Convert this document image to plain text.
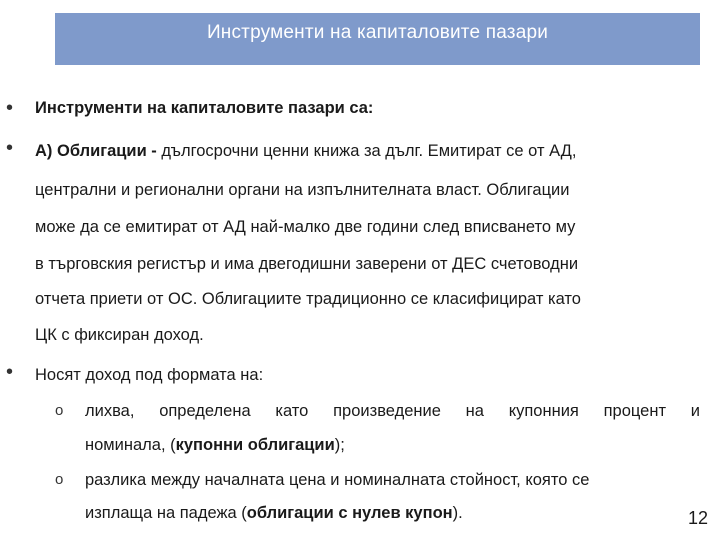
Инструменти на капиталовите пазари
• Инструменти на капиталовите пазари са:
• А) Облигации - дългосрочни ценни книжа за дълг. Емитират се от АД,
централни и регионални органи на изпълнителната власт. Облигации
може да се емитират от АД най-малко две години след вписването му
в търговския регистър и има двегодишни заверени от ДЕС счетоводни
отчета приети от ОС. Облигациите традиционно се класифицират като
ЦК с фиксиран доход.
• Носят доход под формата на:
o лихва, определена като произведение на купонния процент и
номинала, (купонни облигации);
o разлика между началната цена и номиналната стойност, която се
изплаща на падежа (облигации с нулев купон).	12
